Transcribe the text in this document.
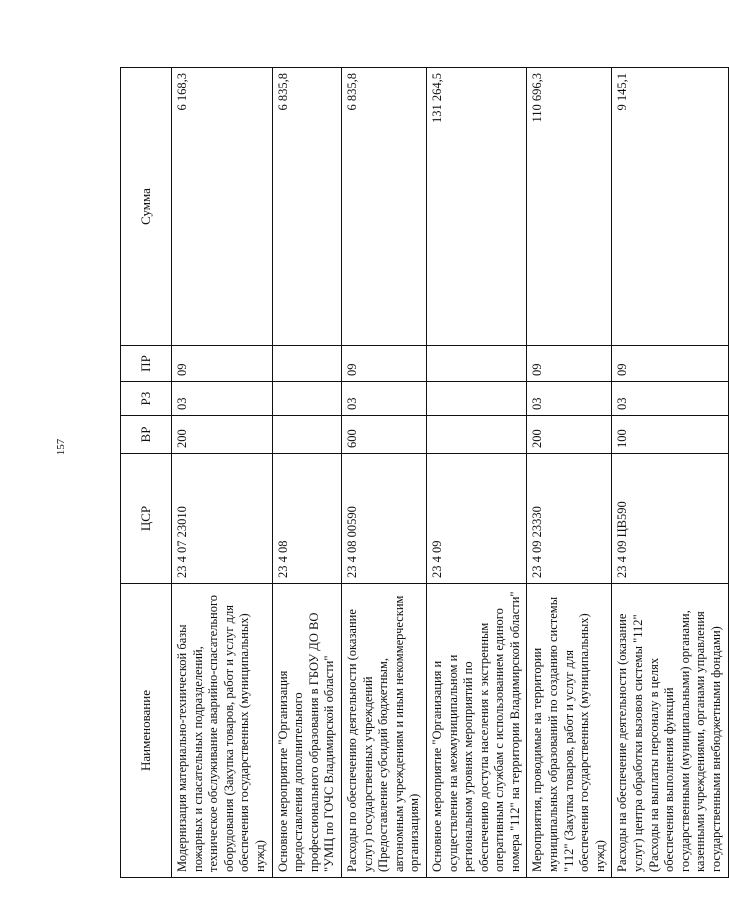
157
Наименование	ЦСР	ВР	РЗ	ПР	Сумма
Модернизация материально-технической базы пожарных и спасательных подразделений, техническое обслуживание аварийно-спасательного оборудования (Закупка товаров, работ и услуг для обеспечения государственных (муниципальных) нужд)	23 4 07 23010	200	03	09	6 168,3
Основное мероприятие "Организация предоставления дополнительного профессионального образования в ГБОУ ДО ВО "УМЦ по ГОЧС Владимирской области"	23 4 08				6 835,8
Расходы по обеспечению деятельности (оказание услуг) государственных учреждений (Предоставление субсидий бюджетным, автономным учреждениям и иным некоммерческим организациям)	23 4 08 00590	600	03	09	6 835,8
Основное мероприятие "Организация и осуществление на межмуниципальном и региональном уровнях мероприятий по обеспечению доступа населения к экстренным оперативным службам с использованием единого номера "112" на территории Владимирской области"	23 4 09				131 264,5
Мероприятия, проводимые на территории муниципальных образований по созданию системы "112" (Закупка товаров, работ и услуг для обеспечения государственных (муниципальных) нужд)	23 4 09 23330	200	03	09	110 696,3
Расходы на обеспечение деятельности (оказание услуг) центра обработки вызовов системы "112" (Расходы на выплаты персоналу в целях обеспечения выполнения функций государственными (муниципальными) органами, казенными учреждениями, органами управления государственными внебюджетными фондами)	23 4 09 ЦВ590	100	03	09	9 145,1
